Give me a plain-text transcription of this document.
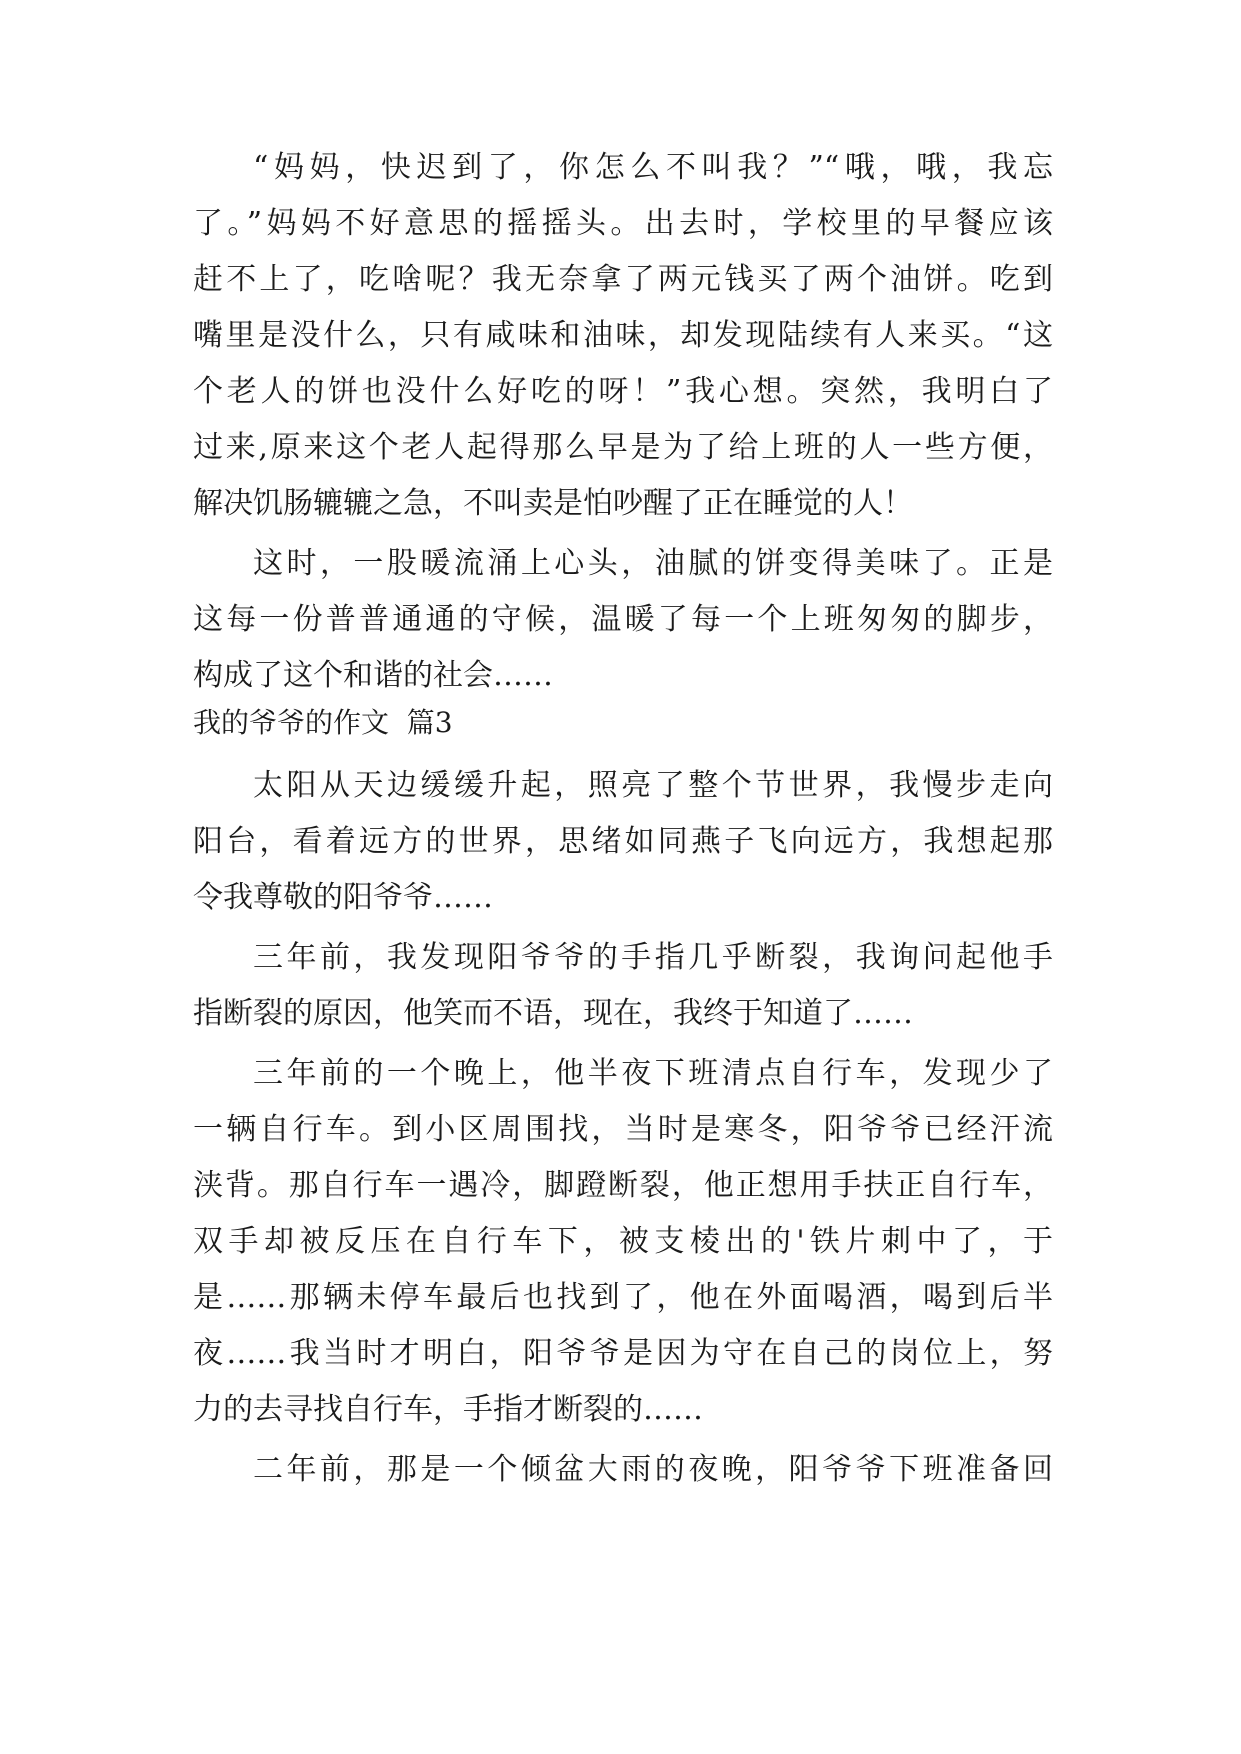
“妈妈，快迟到了，你怎么不叫我？”“哦，哦，我忘
了。”妈妈不好意思的摇摇头。出去时，学校里的早餐应该
赶不上了，吃啥呢？我无奈拿了两元钱买了两个油饼。吃到
嘴里是没什么，只有咸味和油味，却发现陆续有人来买。“这
个老人的饼也没什么好吃的呀！”我心想。突然，我明白了
过来,原来这个老人起得那么早是为了给上班的人一些方便，
解决饥肠辘辘之急，不叫卖是怕吵醒了正在睡觉的人！
这时，一股暖流涌上心头，油腻的饼变得美味了。正是
这每一份普普通通的守候，温暖了每一个上班匆匆的脚步，
构成了这个和谐的社会……
我的爷爷的作文  篇3
太阳从天边缓缓升起，照亮了整个节世界，我慢步走向
阳台，看着远方的世界，思绪如同燕子飞向远方，我想起那
令我尊敬的阳爷爷……
三年前，我发现阳爷爷的手指几乎断裂，我询问起他手
指断裂的原因，他笑而不语，现在，我终于知道了……
三年前的一个晚上，他半夜下班清点自行车，发现少了
一辆自行车。到小区周围找，当时是寒冬，阳爷爷已经汗流
浃背。那自行车一遇冷，脚蹬断裂，他正想用手扶正自行车，
双手却被反压在自行车下，被支棱出的'铁片刺中了，于
是……那辆未停车最后也找到了，他在外面喝酒，喝到后半
夜……我当时才明白，阳爷爷是因为守在自己的岗位上，努
力的去寻找自行车，手指才断裂的……
二年前，那是一个倾盆大雨的夜晚，阳爷爷下班准备回
